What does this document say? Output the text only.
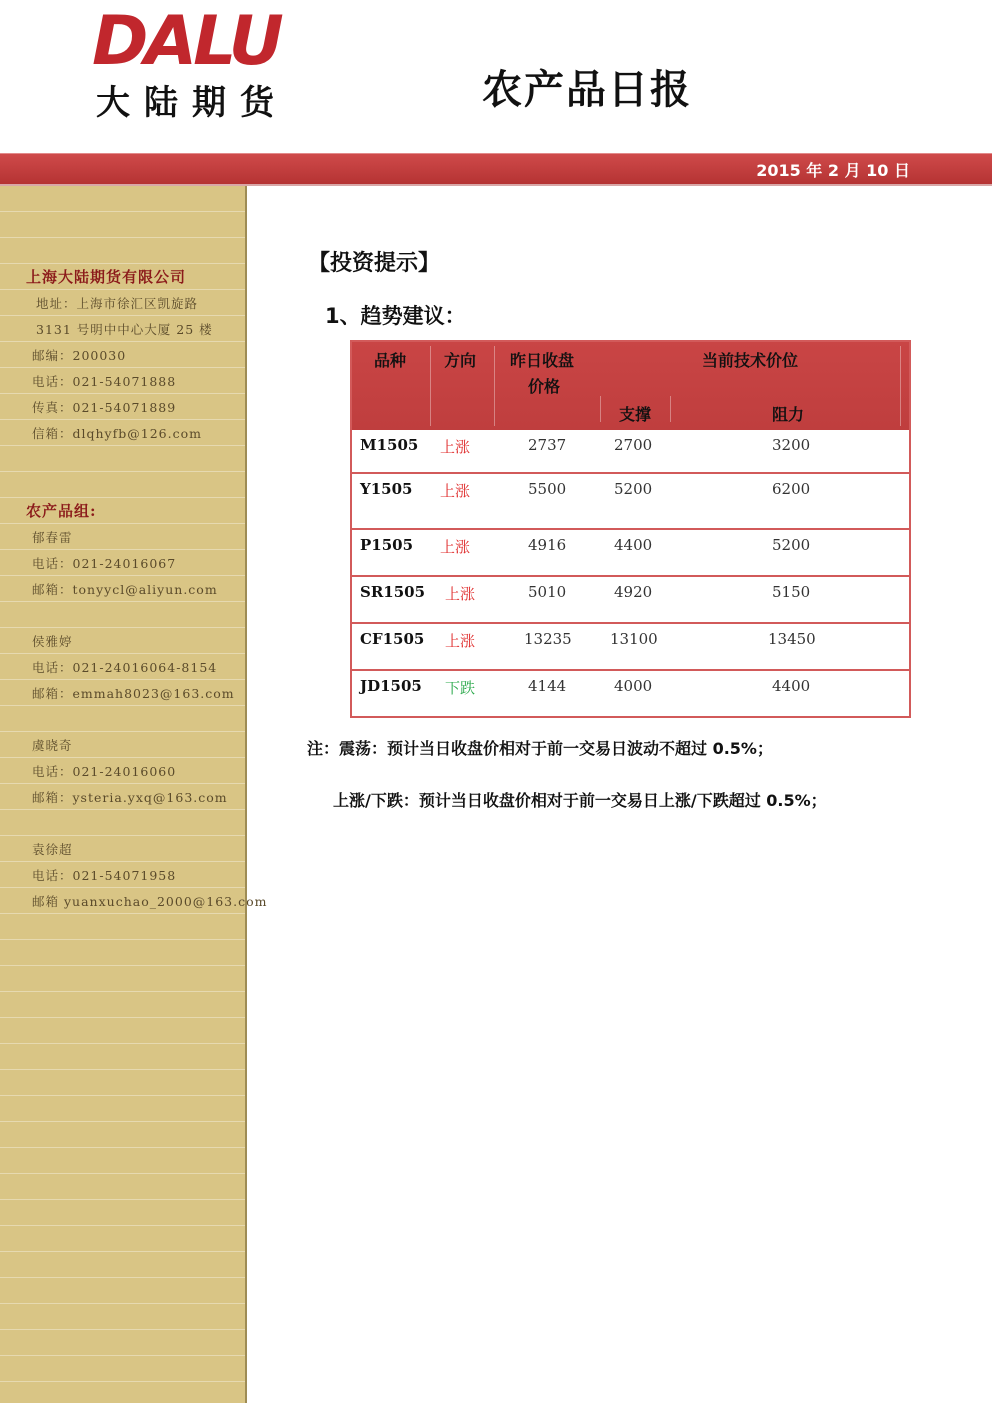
DALU
大陆期货	农产品日报
2015 年 2 月 10 日
上海大陆期货有限公司
地址：上海市徐汇区凯旋路
3131 号明中中心大厦 25 楼
邮编：200030
电话：021-54071888
传真：021-54071889
信箱：dlqhyfb@126.com
农产品组:
郁春雷
电话：021-24016067
邮箱：tonyycl@aliyun.com
侯雅婷
电话：021-24016064-8154
邮箱：emmah8023@163.com
虞晓奇
电话：021-24016060
邮箱：ysteria.yxq@163.com
袁徐超
电话：021-54071958
邮箱 yuanxuchao_2000@163.com
【投资提示】
1、趋势建议：
品种 方向 昨日收盘
价格
当前技术价位
支撑	阻力
M1505 上涨	2737	2700	3200
Y1505 上涨	5500	5200	6200
P1505 上涨	4916	4400	5200
SR1505 上涨	5010	4920	5150
CF1505 上涨	13235	13100	13450
JD1505 下跌	4144	4000	4400
注：震荡：预计当日收盘价相对于前一交易日波动不超过 0.5%；
上涨/下跌：预计当日收盘价相对于前一交易日上涨/下跌超过 0.5%；
